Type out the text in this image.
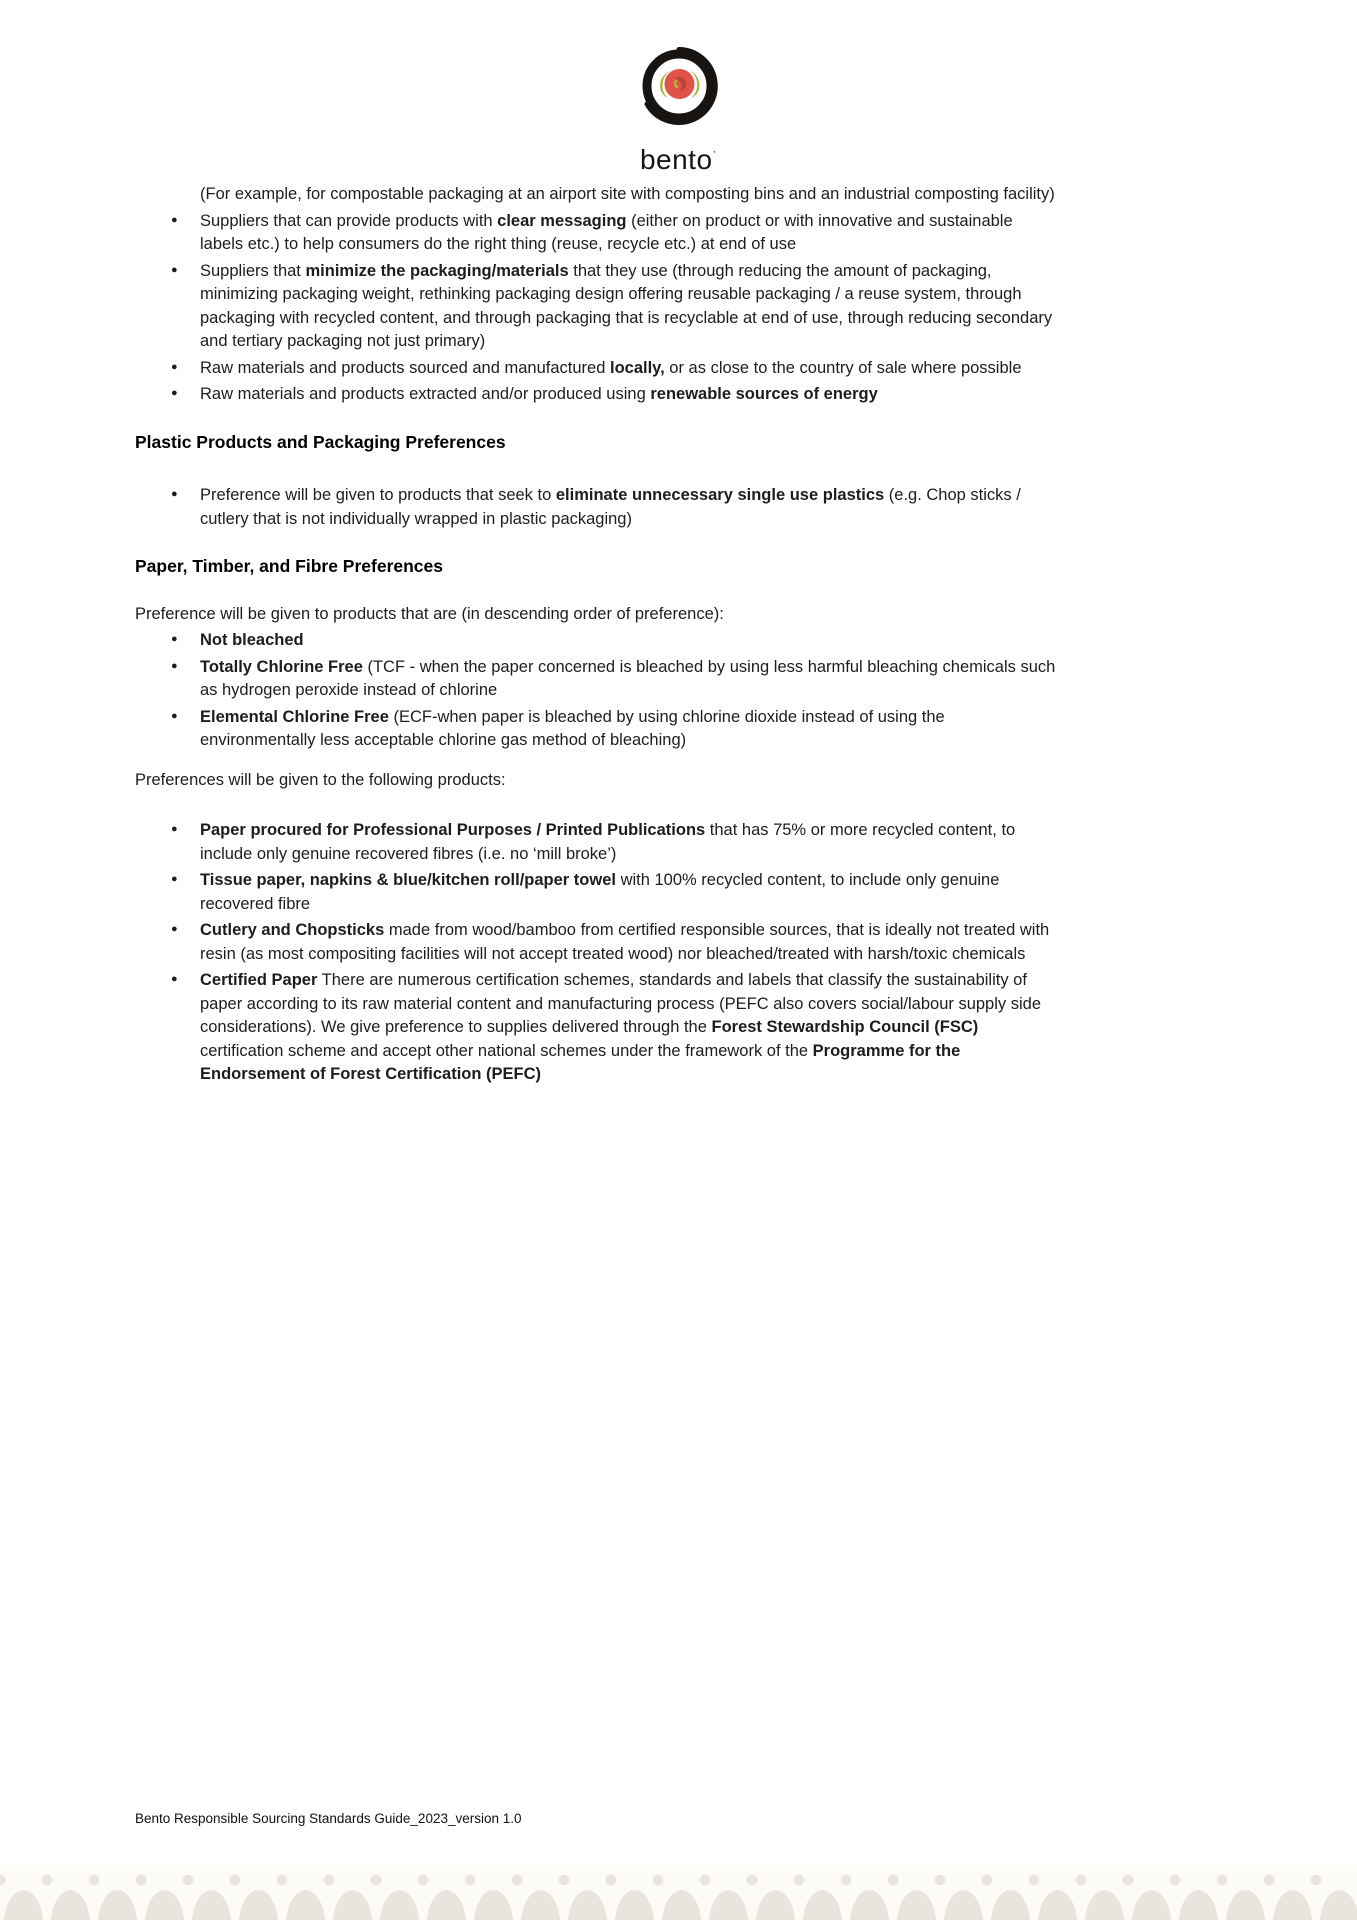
bento·
(For example, for compostable packaging at an airport site with composting bins and an industrial composting facility)
● Suppliers that can provide products with clear messaging (either on product or with innovative and sustainable labels etc.) to help consumers do the right thing (reuse, recycle etc.) at end of use
● Suppliers that minimize the packaging/materials that they use (through reducing the amount of packaging, minimizing packaging weight, rethinking packaging design offering reusable packaging / a reuse system, through packaging with recycled content, and through packaging that is recyclable at end of use, through reducing secondary and tertiary packaging not just primary)
● Raw materials and products sourced and manufactured locally, or as close to the country of sale where possible
● Raw materials and products extracted and/or produced using renewable sources of energy
Plastic Products and Packaging Preferences
● Preference will be given to products that seek to eliminate unnecessary single use plastics (e.g. Chop sticks / cutlery that is not individually wrapped in plastic packaging)
Paper, Timber, and Fibre Preferences
Preference will be given to products that are (in descending order of preference):
● Not bleached
● Totally Chlorine Free (TCF - when the paper concerned is bleached by using less harmful bleaching chemicals such as hydrogen peroxide instead of chlorine
● Elemental Chlorine Free (ECF-when paper is bleached by using chlorine dioxide instead of using the environmentally less acceptable chlorine gas method of bleaching)
Preferences will be given to the following products:
● Paper procured for Professional Purposes / Printed Publications that has 75% or more recycled content, to include only genuine recovered fibres (i.e. no ‘mill broke’)
● Tissue paper, napkins & blue/kitchen roll/paper towel with 100% recycled content, to include only genuine recovered fibre
● Cutlery and Chopsticks made from wood/bamboo from certified responsible sources, that is ideally not treated with resin (as most compositing facilities will not accept treated wood) nor bleached/treated with harsh/toxic chemicals
● Certified Paper There are numerous certification schemes, standards and labels that classify the sustainability of paper according to its raw material content and manufacturing process (PEFC also covers social/labour supply side considerations). We give preference to supplies delivered through the Forest Stewardship Council (FSC) certification scheme and accept other national schemes under the framework of the Programme for the Endorsement of Forest Certification (PEFC)
Bento Responsible Sourcing Standards Guide_2023_version 1.0
